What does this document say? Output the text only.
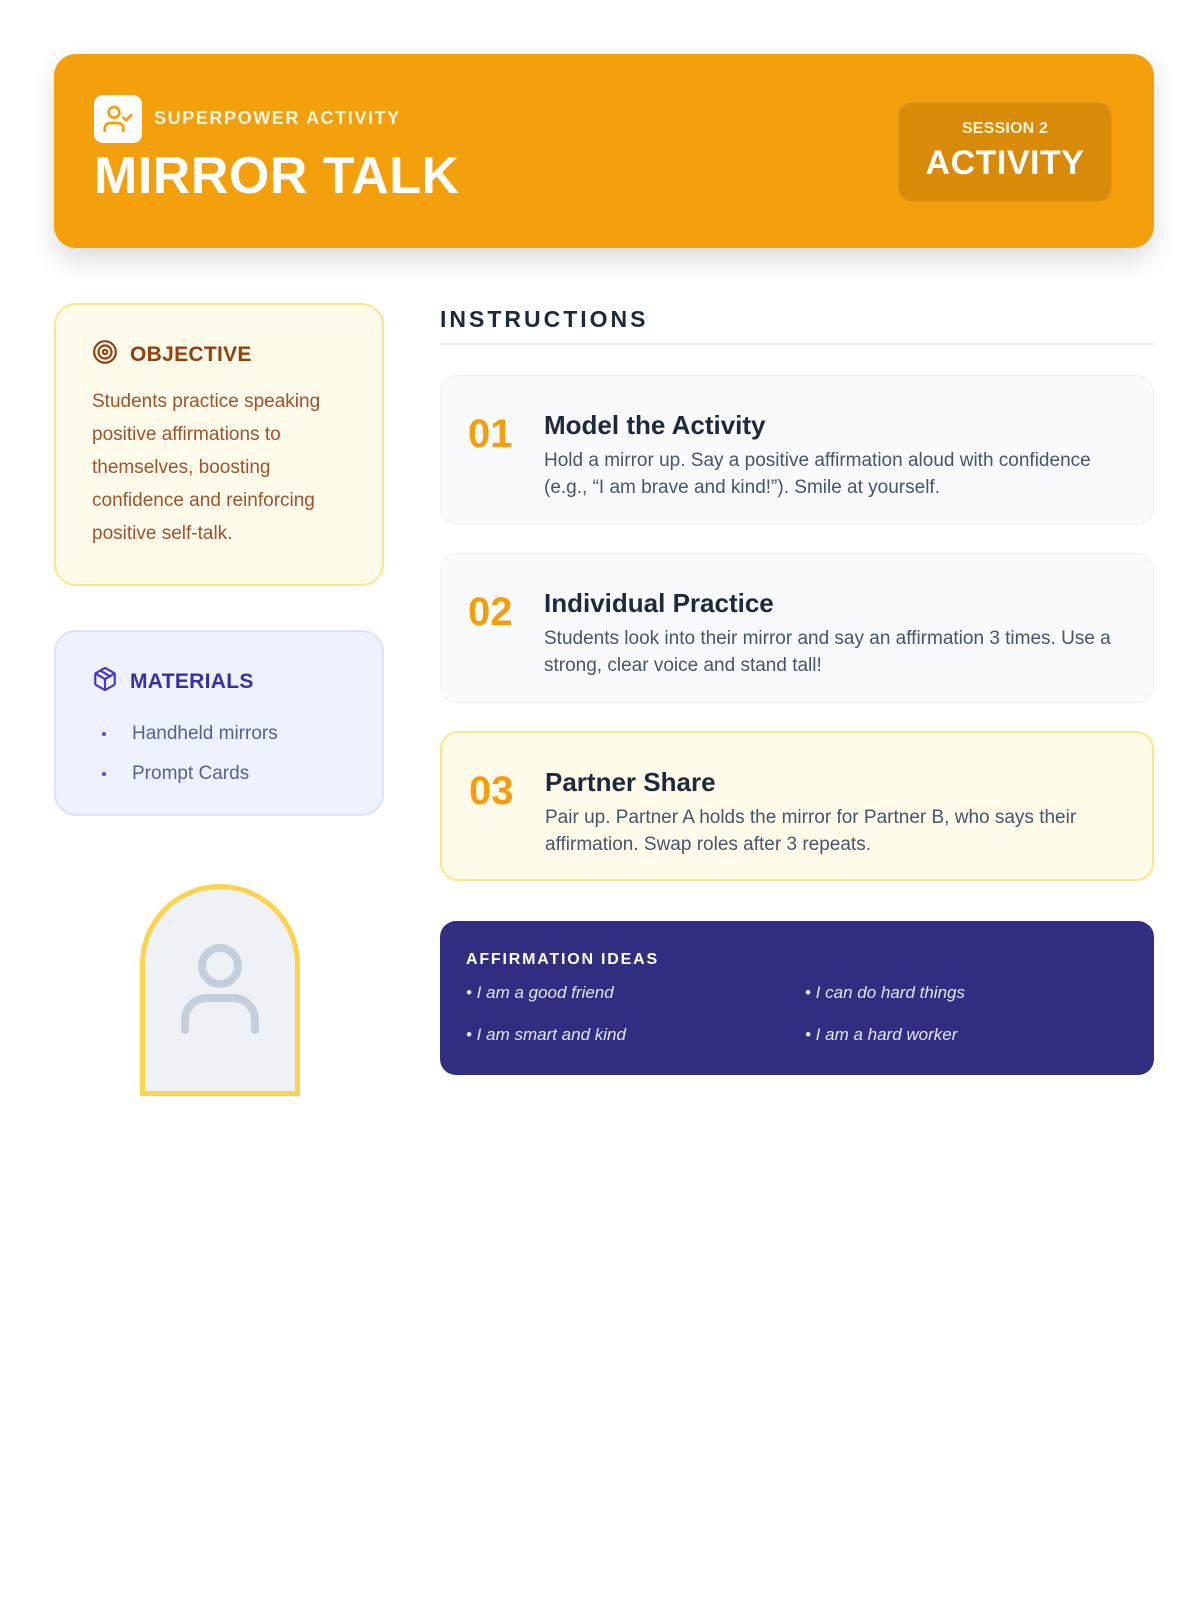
SUPERPOWER ACTIVITY
MIRROR TALK
SESSION 2
ACTIVITY
OBJECTIVE
Students practice speaking positive affirmations to themselves, boosting confidence and reinforcing positive self-talk.
MATERIALS
Handheld mirrors
Prompt Cards
INSTRUCTIONS
01 Model the Activity
Hold a mirror up. Say a positive affirmation aloud with confidence (e.g., “I am brave and kind!”). Smile at yourself.
02 Individual Practice
Students look into their mirror and say an affirmation 3 times. Use a strong, clear voice and stand tall!
03 Partner Share
Pair up. Partner A holds the mirror for Partner B, who says their affirmation. Swap roles after 3 repeats.
AFFIRMATION IDEAS
• I am a good friend	• I can do hard things
• I am smart and kind	• I am a hard worker
